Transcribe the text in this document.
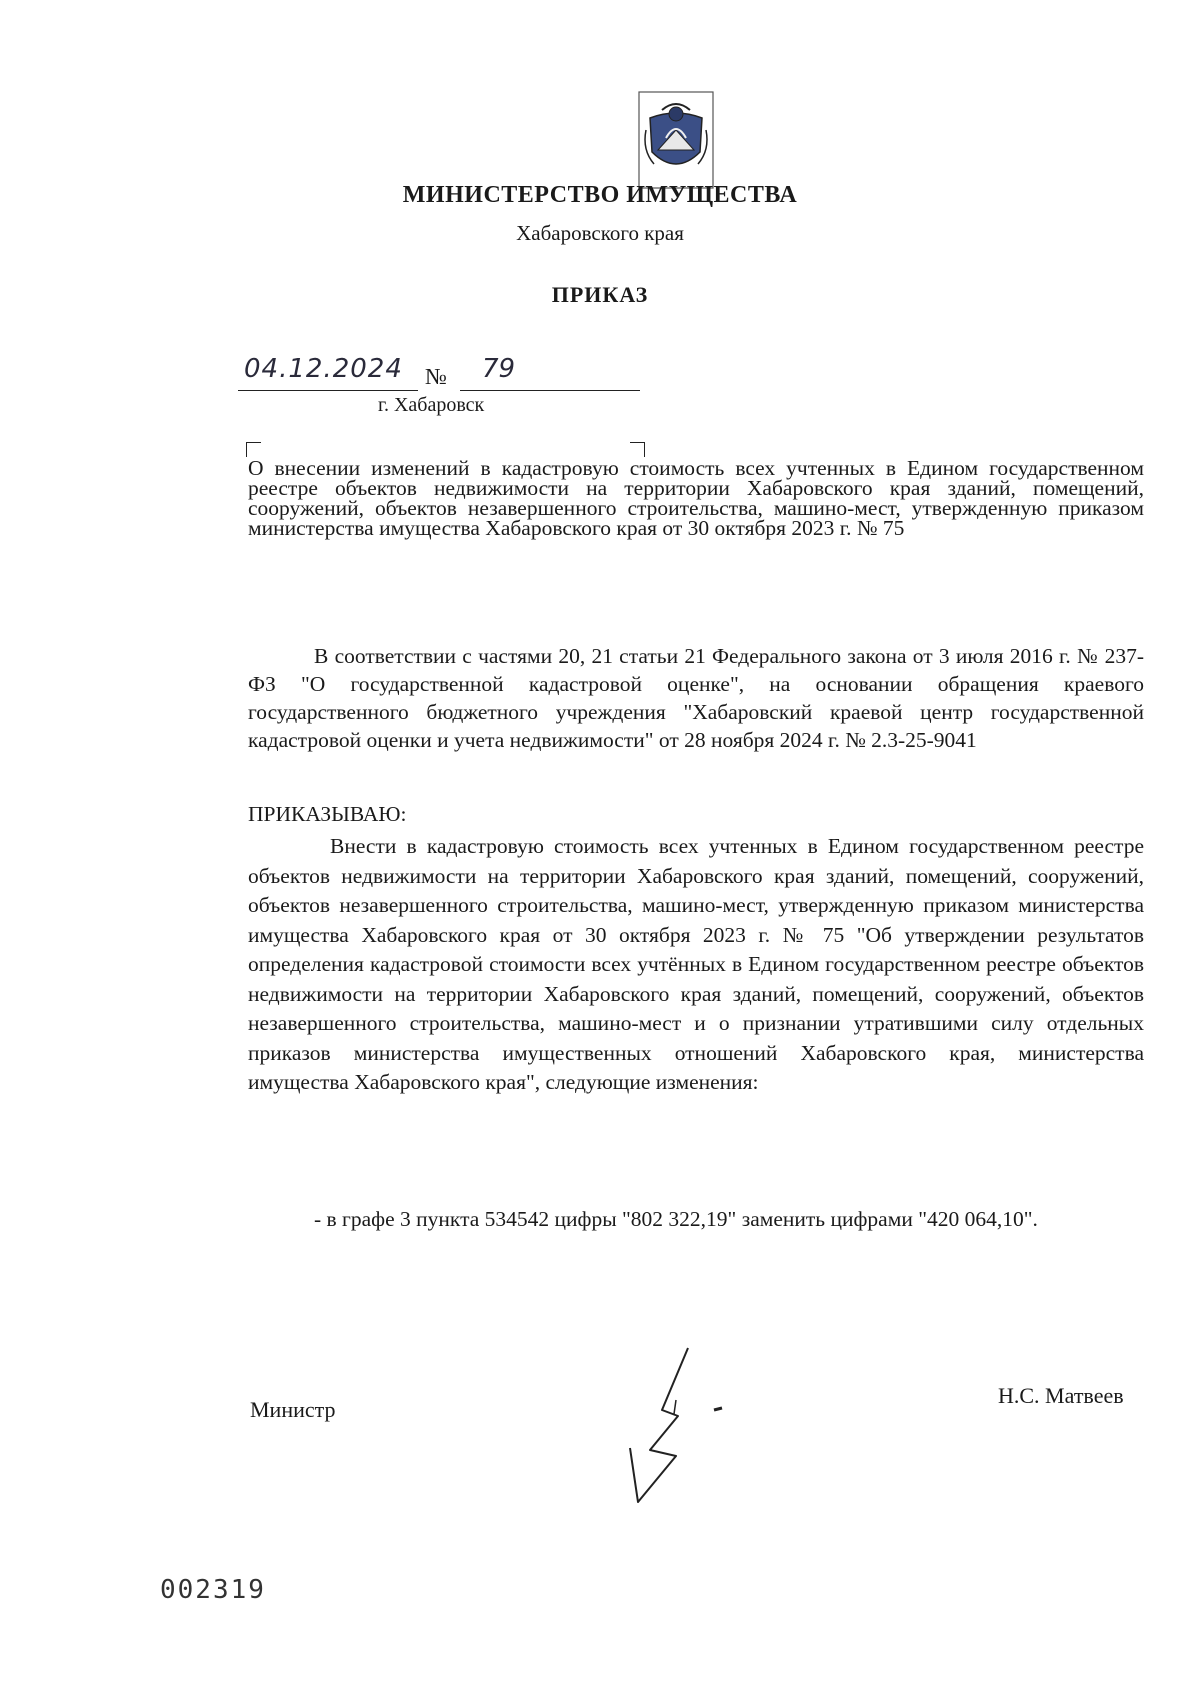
МИНИСТЕРСТВО ИМУЩЕСТВА
Хабаровского края
ПРИКАЗ
04.12.2024 № 79
г. Хабаровск
О внесении изменений в кадастровую стоимость всех учтенных в Едином государственном реестре объектов недвижимости на территории Хабаровского края зданий, помещений, сооружений, объектов незавершенного строительства, машино-мест, утвержденную приказом министерства имущества Хабаровского края от 30 октября 2023 г. № 75
В соответствии с частями 20, 21 статьи 21 Федерального закона от 3 июля 2016 г. № 237-ФЗ "О государственной кадастровой оценке", на основании обращения краевого государственного бюджетного учреждения "Хабаровский краевой центр государственной кадастровой оценки и учета недвижимости" от 28 ноября 2024 г. № 2.3-25-9041
ПРИКАЗЫВАЮ:
Внести в кадастровую стоимость всех учтенных в Едином государственном реестре объектов недвижимости на территории Хабаровского края зданий, помещений, сооружений, объектов незавершенного строительства, машино-мест, утвержденную приказом министерства имущества Хабаровского края от 30 октября 2023 г. № 75 "Об утверждении результатов определения кадастровой стоимости всех учтённых в Едином государственном реестре объектов недвижимости на территории Хабаровского края зданий, помещений, сооружений, объектов незавершенного строительства, машино-мест и о признании утратившими силу отдельных приказов министерства имущественных отношений Хабаровского края, министерства имущества Хабаровского края", следующие изменения:
- в графе 3 пункта 534542 цифры "802 322,19" заменить цифрами "420 064,10".
Министр
Н.С. Матвеев
002319
